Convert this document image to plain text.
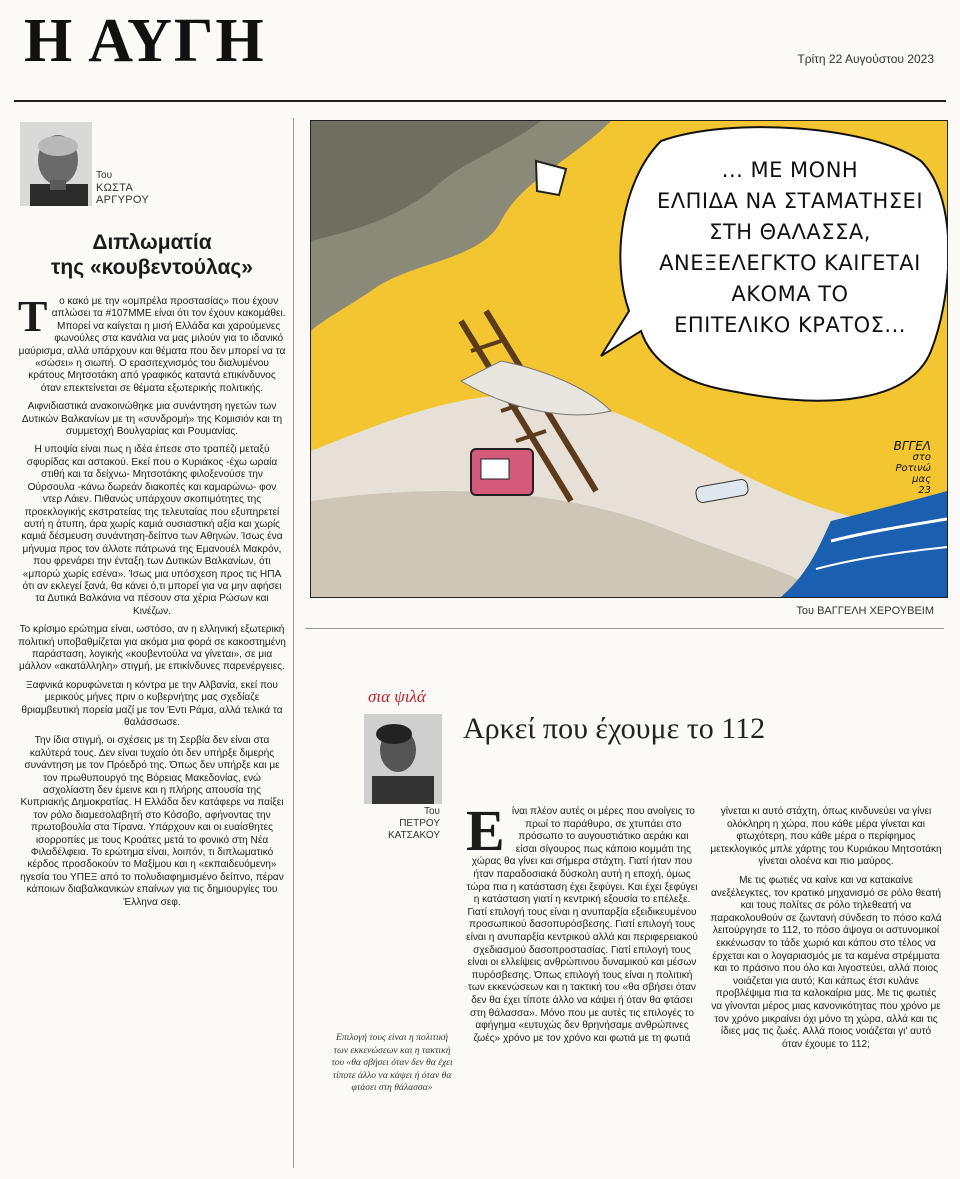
Η ΑΥΓΗ	Τρίτη 22 Αυγούστου 2023
Του
ΚΩΣΤΑ
ΑΡΓΥΡΟΥ
Διπλωματία
της «κουβεντούλας»

Τ ο κακό με την «ομπρέλα προστασίας» που έχουν απλώσει τα #107ΜΜΕ είναι ότι τον έχουν κακομάθει. Μπορεί να καίγεται η μισή Ελλάδα και χαρούμενες φωνούλες στα κανάλια να μας μιλούν για το ιδανικό μαύρισμα, αλλά υπάρχουν και θέματα που δεν μπορεί να τα «σώσει» η σιωπή. Ο ερασιτεχνισμός του διαλυμένου κράτους Μητσοτάκη από γραφικός καταντά επικίνδυνος όταν επεκτείνεται σε θέματα εξωτερικής πολιτικής.

Αιφνιδιαστικά ανακοινώθηκε μια συνάντηση ηγετών των Δυτικών Βαλκανίων με τη «συνδρομή» της Κομισιόν και τη συμμετοχή Βουλγαρίας και Ρουμανίας.

Η υποψία είναι πως η ιδέα έπεσε στο τραπέζι μεταξύ σφυρίδας και αστακού. Εκεί που ο Κυριάκος -έχω ωραία στιθή και τα δείχνω- Μητσοτάκης φιλοξενούσε την Ούρσουλα -κάνω δωρεάν διακοπές και καμαρώνω- φον ντερ Λάιεν. Πιθανώς υπάρχουν σκοπιμότητες της προεκλογικής εκστρατείας της τελευταίας που εξυπηρετεί αυτή η άτυπη, άρα χωρίς καμιά ουσιαστική αξία και χωρίς καμιά δέσμευση συνάντηση-δείπνο των Αθηνών. Ίσως ένα μήνυμα προς τον άλλοτε πάτρωνά της Εμανουέλ Μακρόν, που φρενάρει την ένταξη των Δυτικών Βαλκανίων, ότι «μπορώ χωρίς εσένα». Ίσως μια υπόσχεση προς τις ΗΠΑ ότι αν εκλεγεί ξανά, θα κάνει ό,τι μπορεί για να μην αφήσει τα Δυτικά Βαλκάνια να πέσουν στα χέρια Ρώσων και Κινέζων.

Το κρίσιμο ερώτημα είναι, ωστόσο, αν η ελληνική εξωτερική πολιτική υποβαθμίζεται για ακόμα μια φορά σε κακοστημένη παράσταση, λογικής «κουβεντούλα να γίνεται», σε μια μάλλον «ακατάλληλη» στιγμή, με επικίνδυνες παρενέργειες.

Ξαφνικά κορυφώνεται η κόντρα με την Αλβανία, εκεί που μερικούς μήνες πριν ο κυβερνήτης μας σχεδίαζε θριαμβευτική πορεία μαζί με τον Έντι Ράμα, αλλά τελικά τα θαλάσσωσε.

Την ίδια στιγμή, οι σχέσεις με τη Σερβία δεν είναι στα καλύτερά τους. Δεν είναι τυχαίο ότι δεν υπήρξε διμερής συνάντηση με τον Πρόεδρό της. Όπως δεν υπήρξε και με τον πρωθυπουργό της Βόρειας Μακεδονίας, ενώ ασχολίαστη δεν έμεινε και η πλήρης απουσία της Κυπριακής Δημοκρατίας. Η Ελλάδα δεν κατάφερε να παίξει τον ρόλο διαμεσολαβητή στο Κόσοβο, αφήνοντας την πρωτοβουλία στα Τίρανα. Υπάρχουν και οι ευαίσθητες ισορροπίες με τους Κροάτες μετά το φονικό στη Νέα Φιλαδέλφεια. Το ερώτημα είναι, λοιπόν, τι διπλωματικό κέρδος προσδοκούν το Μαξίμου και η «εκπαιδευόμενη» ηγεσία του ΥΠΕΞ από το πολυδιαφημισμένο δείπνο, πέραν κάποιων διαβαλκανικών επαίνων για τις δημιουργίες του Έλληνα σεφ.

... ΜΕ ΜΟΝΗ
ΕΛΠΙΔΑ ΝΑ ΣΤΑΜΑΤΗΣΕΙ
ΣΤΗ ΘΑΛΑΣΣΑ,
ΑΝΕΞΕΛΕΓΚΤΟ ΚΑΙΓΕΤΑΙ
ΑΚΟΜΑ ΤΟ
ΕΠΙΤΕΛΙΚΟ ΚΡΑΤΟΣ...
ΒΓΓΕΛ
στο
Ροτινώ
μας
23
Του ΒΑΓΓΕΛΗ ΧΕΡΟΥΒΕΙΜ
σια ψιλά
Του
ΠΕΤΡΟΥ
ΚΑΤΣΑΚΟΥ
Αρκεί που έχουμε το 112
Επιλογή τους είναι η πολιτική των εκκενώσεων και η τακτική του «θα σβήσει όταν δεν θα έχει τίποτε άλλο να κάψει ή όταν θα φτάσει στη θάλασσα»

Είναι πλέον αυτές οι μέρες που ανοίγεις το πρωί το παράθυρο, σε χτυπάει στο πρόσωπο το αυγουστιάτικο αεράκι και είσαι σίγουρος πως κάποιο κομμάτι της χώρας θα γίνει και σήμερα στάχτη. Γιατί ήταν που ήταν παραδοσιακά δύσκολη αυτή η εποχή, όμως τώρα πια η κατάσταση έχει ξεφύγει. Και έχει ξεφύγει η κατάσταση γιατί η κεντρική εξουσία το επέλεξε. Γιατί επιλογή τους είναι η ανυπαρξία εξειδικευμένου προσωπικού δασοπυρόσβεσης. Γιατί επιλογή τους είναι η ανυπαρξία κεντρικού αλλά και περιφερειακού σχεδιασμού δασοπροστασίας. Γιατί επιλογή τους είναι οι ελλείψεις ανθρώπινου δυναμικού και μέσων πυρόσβεσης. Όπως επιλογή τους είναι η πολιτική των εκκενώσεων και η τακτική του «θα σβήσει όταν δεν θα έχει τίποτε άλλο να κάψει ή όταν θα φτάσει στη θάλασσα». Μόνο που με αυτές τις επιλογές το αφήγημα «ευτυχώς δεν θρηνήσαμε ανθρώπινες ζωές» χρόνο με τον χρόνο και φωτιά με τη φωτιά

γίνεται κι αυτό στάχτη, όπως κινδυνεύει να γίνει ολόκληρη η χώρα, που κάθε μέρα γίνεται και φτωχότερη, που κάθε μέρα ο περίφημος μετεκλογικός μπλε χάρτης του Κυριάκου Μητσοτάκη γίνεται ολοένα και πιο μαύρος.

Με τις φωτιές να καίνε και να κατακαίνε ανεξέλεγκτες, τον κρατικό μηχανισμό σε ρόλο θεατή και τους πολίτες σε ρόλο τηλεθεατή να παρακολουθούν σε ζωντανή σύνδεση το πόσο καλά λειτούργησε το 112, το πόσο άψογα οι αστυνομικοί εκκένωσαν το τάδε χωριό και κάπου στο τέλος να έρχεται και ο λογαριασμός με τα καμένα στρέμματα και το πράσινο που όλο και λιγοστεύει, αλλά ποιος νοιάζεται για αυτό; Και κάπως έτσι κυλάνε προβλέψιμα πια τα καλοκαίρια μας. Με τις φωτιές να γίνονται μέρος μιας κανονικότητας που χρόνο με τον χρόνο μικραίνει όχι μόνο τη χώρα, αλλά και τις ίδιες μας τις ζωές. Αλλά ποιος νοιάζεται γι' αυτό όταν έχουμε το 112;
